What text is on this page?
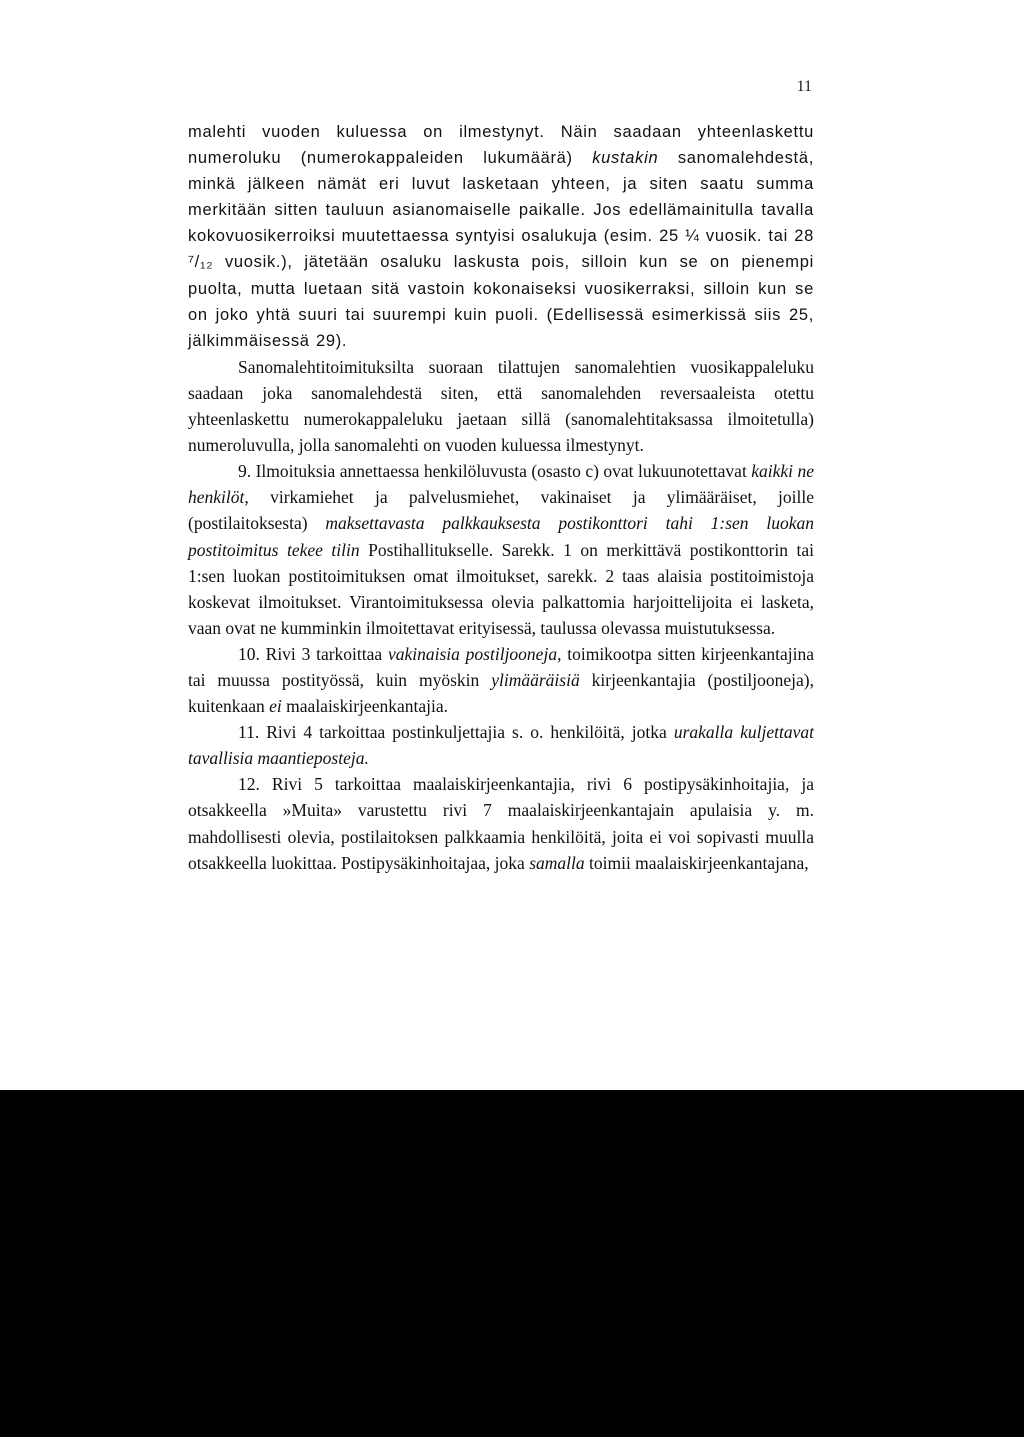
11

malehti vuoden kuluessa on ilmestynyt. Näin saadaan yhteenlaskettu numeroluku (numerokappaleiden lukumäärä) kustakin sanomalehdestä, minkä jälkeen nämät eri luvut lasketaan yhteen, ja siten saatu summa merkitään sitten tauluun asianomaiselle paikalle. Jos edellämainitulla tavalla kokovuosikerroiksi muutettaessa syntyisi osalukuja (esim. 25 ¼ vuosik. tai 28 ⁷/₁₂ vuosik.), jätetään osaluku laskusta pois, silloin kun se on pienempi puolta, mutta luetaan sitä vastoin kokonaiseksi vuosikerraksi, silloin kun se on joko yhtä suuri tai suurempi kuin puoli. (Edellisessä esimerkissä siis 25, jälkimmäisessä 29).

Sanomalehtitoimituksilta suoraan tilattujen sanomalehtien vuosikappaleluku saadaan joka sanomalehdestä siten, että sanomalehden reversaaleista otettu yhteenlaskettu numerokappaleluku jaetaan sillä (sanomalehtitaksassa ilmoitetulla) numeroluvulla, jolla sanomalehti on vuoden kuluessa ilmestynyt.

9. Ilmoituksia annettaessa henkilöluvusta (osasto c) ovat lukuunotettavat kaikki ne henkilöt, virkamiehet ja palvelusmiehet, vakinaiset ja ylimääräiset, joille (postilaitoksesta) maksettavasta palkkauksesta postikonttori tahi 1:sen luokan postitoimitus tekee tilin Postihallitukselle. Sarekk. 1 on merkittävä postikonttorin tai 1:sen luokan postitoimituksen omat ilmoitukset, sarekk. 2 taas alaisia postitoimistoja koskevat ilmoitukset. Virantoimituksessa olevia palkattomia harjoittelijoita ei lasketa, vaan ovat ne kumminkin ilmoitettavat erityisessä, taulussa olevassa muistutuksessa.

10. Rivi 3 tarkoittaa vakinaisia postiljooneja, toimikootpa sitten kirjeenkantajina tai muussa postityössä, kuin myöskin ylimääräisiä kirjeenkantajia (postiljooneja), kuitenkaan ei maalaiskirjeenkantajia.

11. Rivi 4 tarkoittaa postinkuljettajia s. o. henkilöitä, jotka urakalla kuljettavat tavallisia maantieposteja.

12. Rivi 5 tarkoittaa maalaiskirjeenkantajia, rivi 6 postipysäkinhoitajia, ja otsakkeella »Muita» varustettu rivi 7 maalaiskirjeenkantajain apulaisia y. m. mahdollisesti olevia, postilaitoksen palkkaamia henkilöitä, joita ei voi sopivasti muulla otsakkeella luokittaa. Postipysäkinhoitajaa, joka samalla toimii maalaiskirjeenkantajana,
